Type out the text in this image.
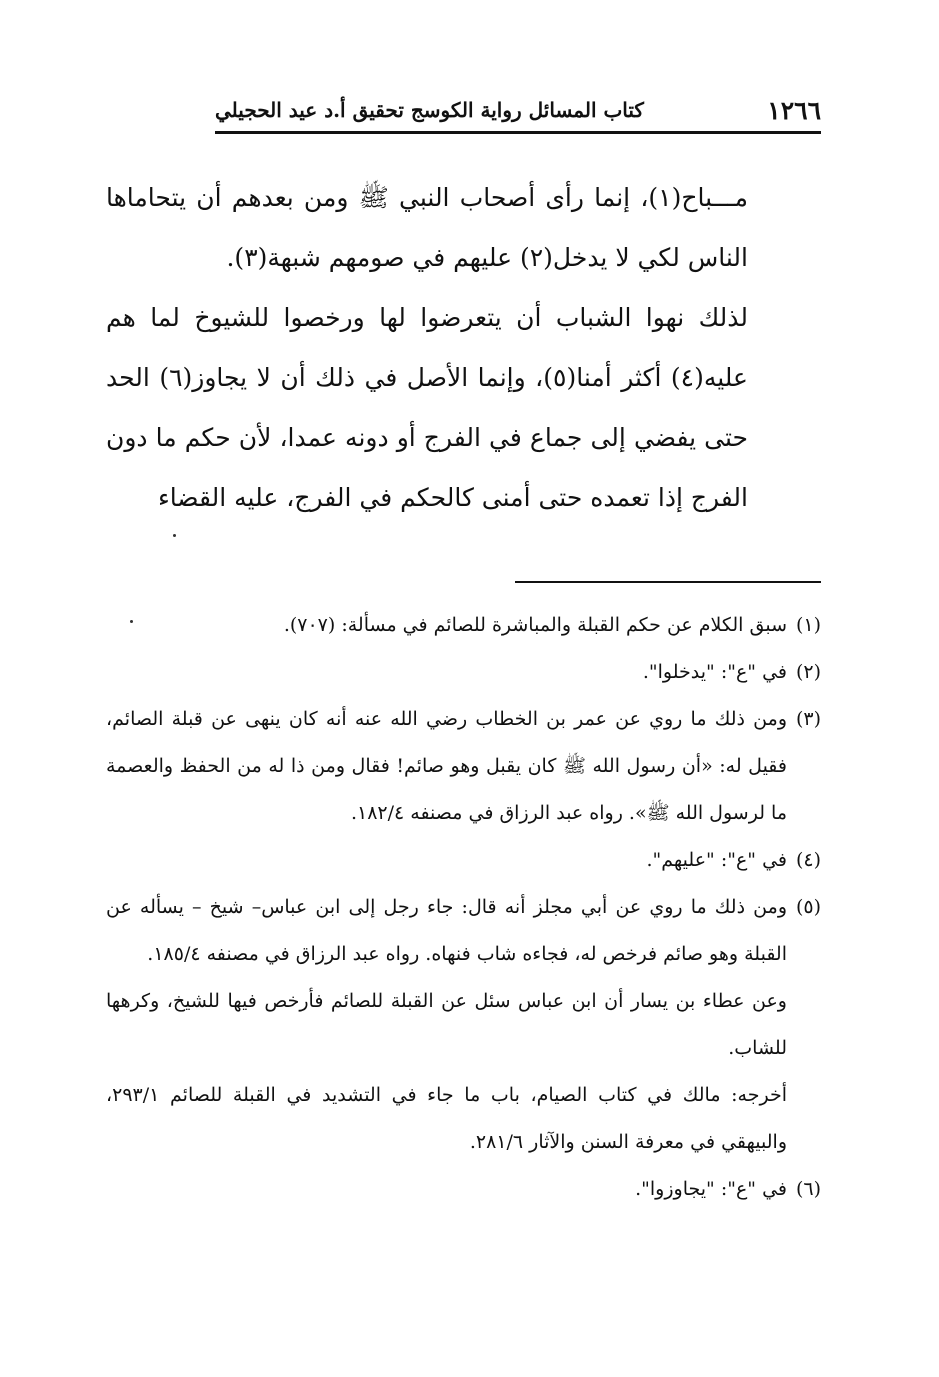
١٢٦٦
كتاب المسائل رواية الكوسج تحقيق أ.د عيد الحجيلي

مـــباح(١)، إنما رأى أصحاب النبي ﷺ ومن بعدهم أن يتحاماها الناس لكي لا يدخل(٢) عليهم في صومهم شبهة(٣).

لذلك نهوا الشباب أن يتعرضوا لها ورخصوا للشيوخ لما هم عليه(٤) أكثر أمنا(٥)، وإنما الأصل في ذلك أن لا يجاوز(٦) الحد حتى يفضي إلى جماع في الفرج أو دونه عمدا، لأن حكم ما دون الفرج إذا تعمده حتى أمنى كالحكم في الفرج، عليه القضاء

(١)
سبق الكلام عن حكم القبلة والمباشرة للصائم في مسألة: (٧٠٧).
(٢)
في "ع": "يدخلوا".
(٣)
ومن ذلك ما روي عن عمر بن الخطاب رضي الله عنه أنه كان ينهى عن قبلة الصائم، فقيل له: «أن رسول الله ﷺ كان يقبل وهو صائم! فقال ومن ذا له من الحفظ والعصمة ما لرسول الله ﷺ». رواه عبد الرزاق في مصنفه ١٨٢/٤.
(٤)
في "ع": "عليهم".
(٥)
ومن ذلك ما روي عن أبي مجلز أنه قال: جاء رجل إلى ابن عباس– شيخ – يسأله عن القبلة وهو صائم فرخص له، فجاءه شاب فنهاه. رواه عبد الرزاق في مصنفه ١٨٥/٤.
وعن عطاء بن يسار أن ابن عباس سئل عن القبلة للصائم فأرخص فيها للشيخ، وكرهها للشاب.
أخرجه: مالك في كتاب الصيام، باب ما جاء في التشديد في القبلة للصائم ٢٩٣/١، والبيهقي في معرفة السنن والآثار ٢٨١/٦.
(٦)
في "ع": "يجاوزوا".
